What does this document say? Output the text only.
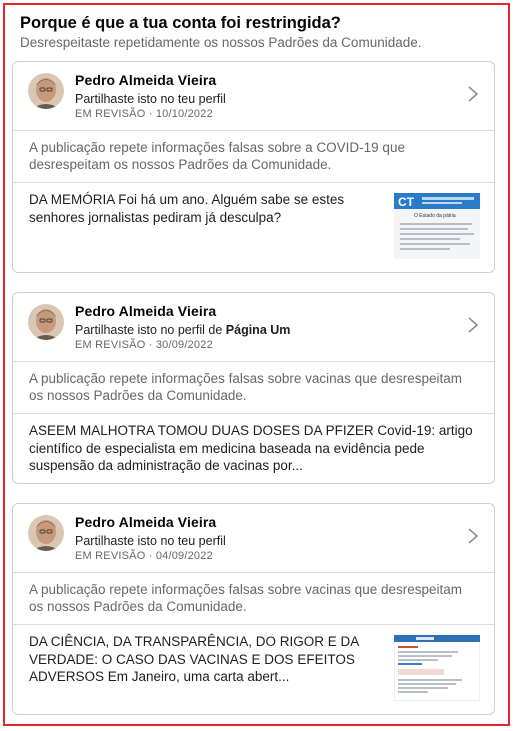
Porque é que a tua conta foi restringida?
Desrespeitaste repetidamente os nossos Padrões da Comunidade.
Pedro Almeida Vieira
Partilhaste isto no teu perfil
EM REVISÃO · 10/10/2022
A publicação repete informações falsas sobre a COVID-19 que desrespeitam os nossos Padrões da Comunidade.
DA MEMÓRIA Foi há um ano. Alguém sabe se estes senhores jornalistas pediram já desculpa?
CT
O Estado da pátria
Pedro Almeida Vieira
Partilhaste isto no perfil de Página Um
EM REVISÃO · 30/09/2022
A publicação repete informações falsas sobre vacinas que desrespeitam os nossos Padrões da Comunidade.
ASEEM MALHOTRA TOMOU DUAS DOSES DA PFIZER Covid-19: artigo científico de especialista em medicina baseada na evidência pede suspensão da administração de vacinas por...
Pedro Almeida Vieira
Partilhaste isto no teu perfil
EM REVISÃO · 04/09/2022
A publicação repete informações falsas sobre vacinas que desrespeitam os nossos Padrões da Comunidade.
DA CIÊNCIA, DA TRANSPARÊNCIA, DO RIGOR E DA VERDADE: O CASO DAS VACINAS E DOS EFEITOS ADVERSOS Em Janeiro, uma carta abert...
